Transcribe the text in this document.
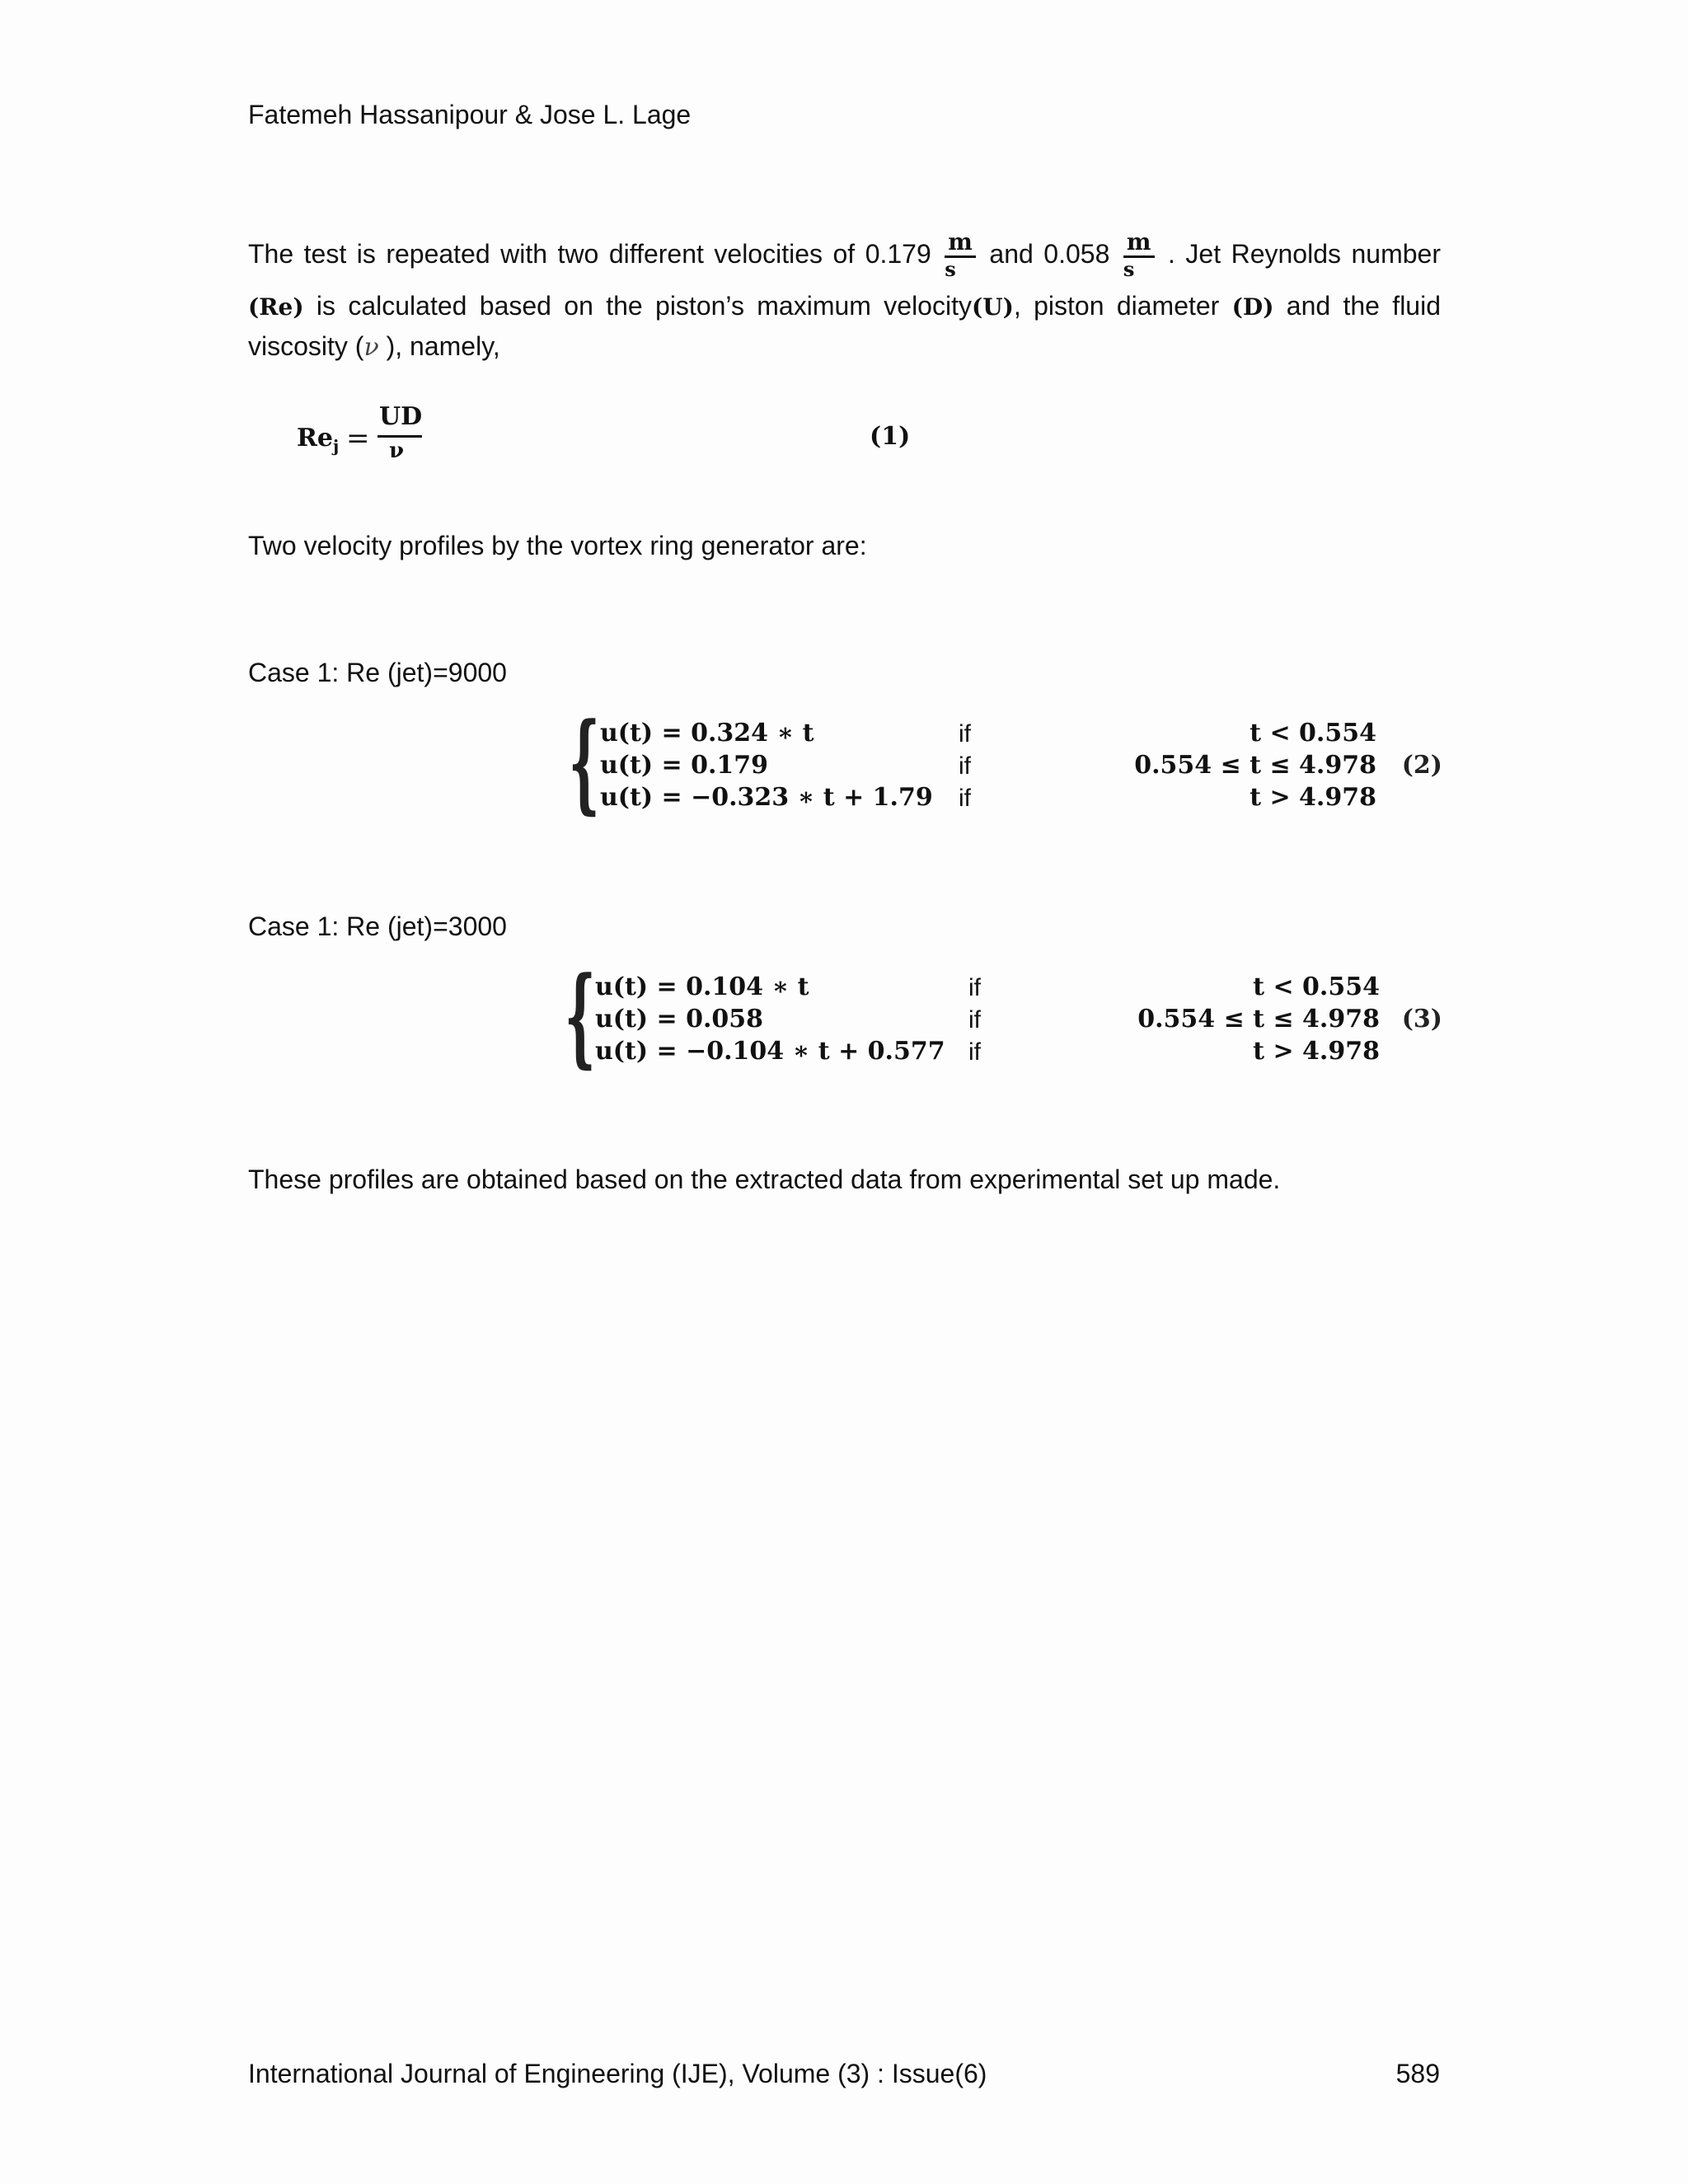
Fatemeh Hassanipour & Jose L. Lage
The test is repeated with two different velocities of $0.179 \frac{m}{s}$ and $0.058 \frac{m}{s}$ . Jet Reynolds number
(Re) is calculated based on the piston’s maximum velocity(U), piston diameter (D) and the fluid
viscosity (ν ), namely,
$Re_j$ =
UD
ν	(1)
Two velocity profiles by the vortex ring generator are:
Case 1: Re (jet)=9000
{ u(t) = 0.324 ∗ t	if	t < 0.554
u(t) = 0.179	if	0.554 ≤ t ≤ 4.978
u(t) = −0.323 ∗ t + 1.79 if	t > 4.978
(2)
Case 1: Re (jet)=3000
{ u(t) = 0.104 ∗ t	if	t < 0.554
u(t) = 0.058	if	0.554 ≤ t ≤ 4.978
u(t) = −0.104 ∗ t + 0.577 if	t > 4.978
(3)
These profiles are obtained based on the extracted data from experimental set up made.
International Journal of Engineering (IJE), Volume (3) : Issue(6)	589
